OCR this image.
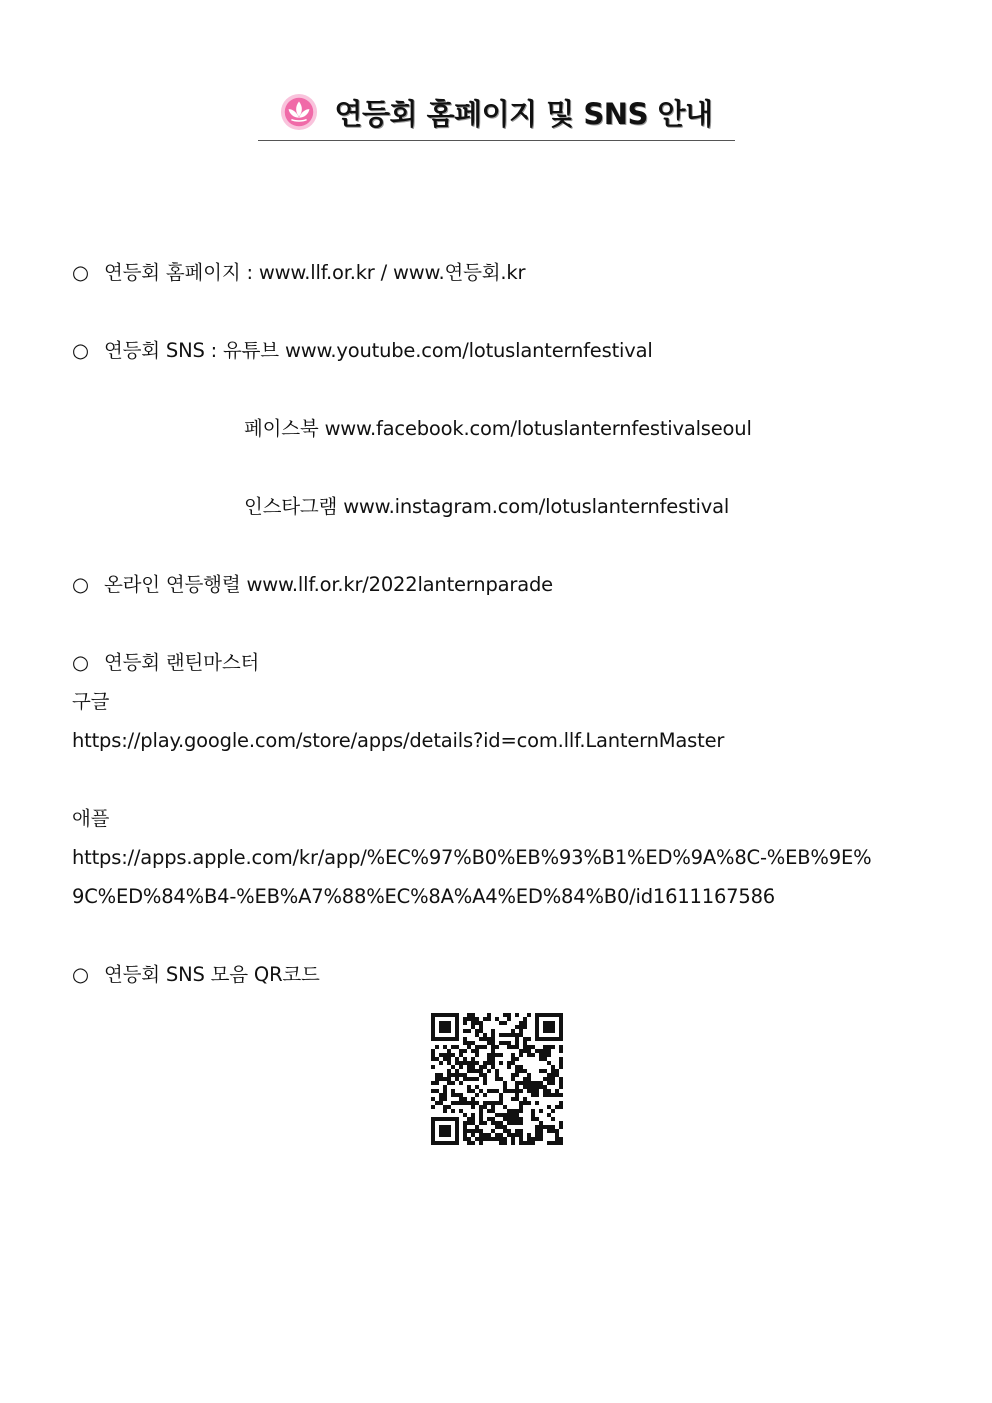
연등회 홈페이지 및 SNS 안내
○ 연등회 홈페이지 : www.llf.or.kr / www.연등회.kr
○ 연등회 SNS : 유튜브 www.youtube.com/lotuslanternfestival
페이스북 www.facebook.com/lotuslanternfestivalseoul
인스타그램 www.instagram.com/lotuslanternfestival
○ 온라인 연등행렬 www.llf.or.kr/2022lanternparade
○ 연등회 랜틴마스터
구글
https://play.google.com/store/apps/details?id=com.llf.LanternMaster
애플
https://apps.apple.com/kr/app/%EC%97%B0%EB%93%B1%ED%9A%8C-%EB%9E%
9C%ED%84%B4-%EB%A7%88%EC%8A%A4%ED%84%B0/id1611167586
○ 연등회 SNS 모음 QR코드
